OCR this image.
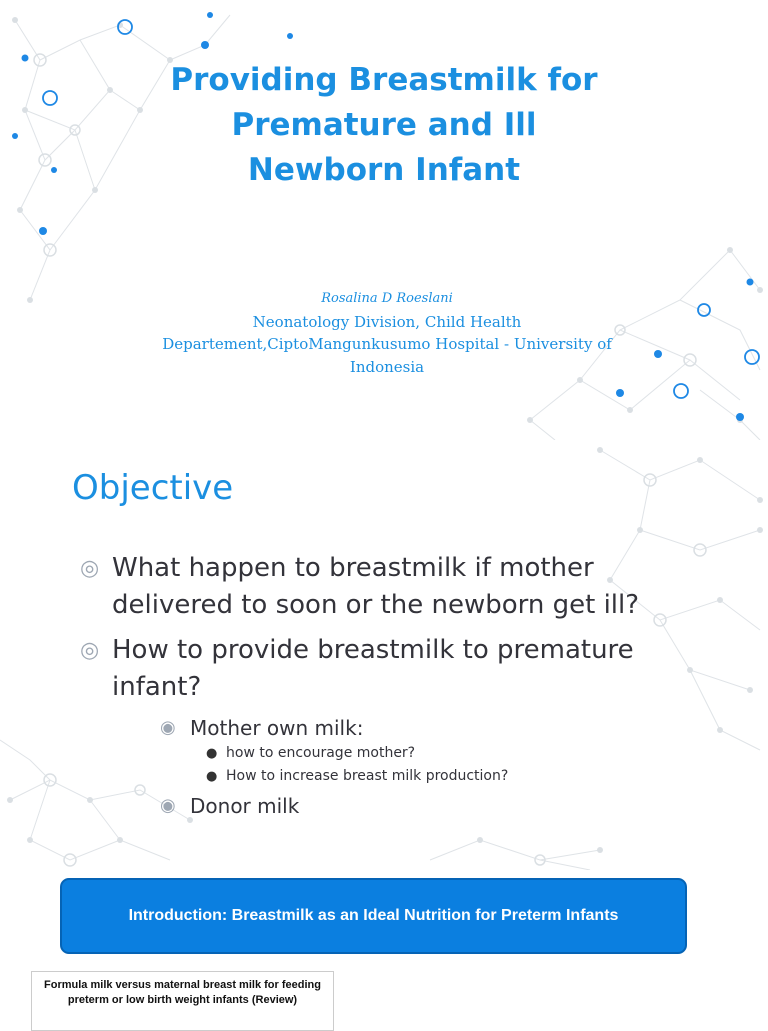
Providing Breastmilk for
Premature and Ill
Newborn Infant
Rosalina D Roeslani
Neonatology Division, Child Health
Departement,CiptoMangunkusumo Hospital - University of
Indonesia
Objective
◎ What happen to breastmilk if mother delivered to soon or the newborn get ill?
◎ How to provide breastmilk to premature infant?
◉ Mother own milk:
● how to encourage mother?
● How to increase breast milk production?
◉ Donor milk
Introduction: Breastmilk as an Ideal Nutrition for Preterm Infants
Formula milk versus maternal breast milk for feeding
preterm or low birth weight infants (Review)
